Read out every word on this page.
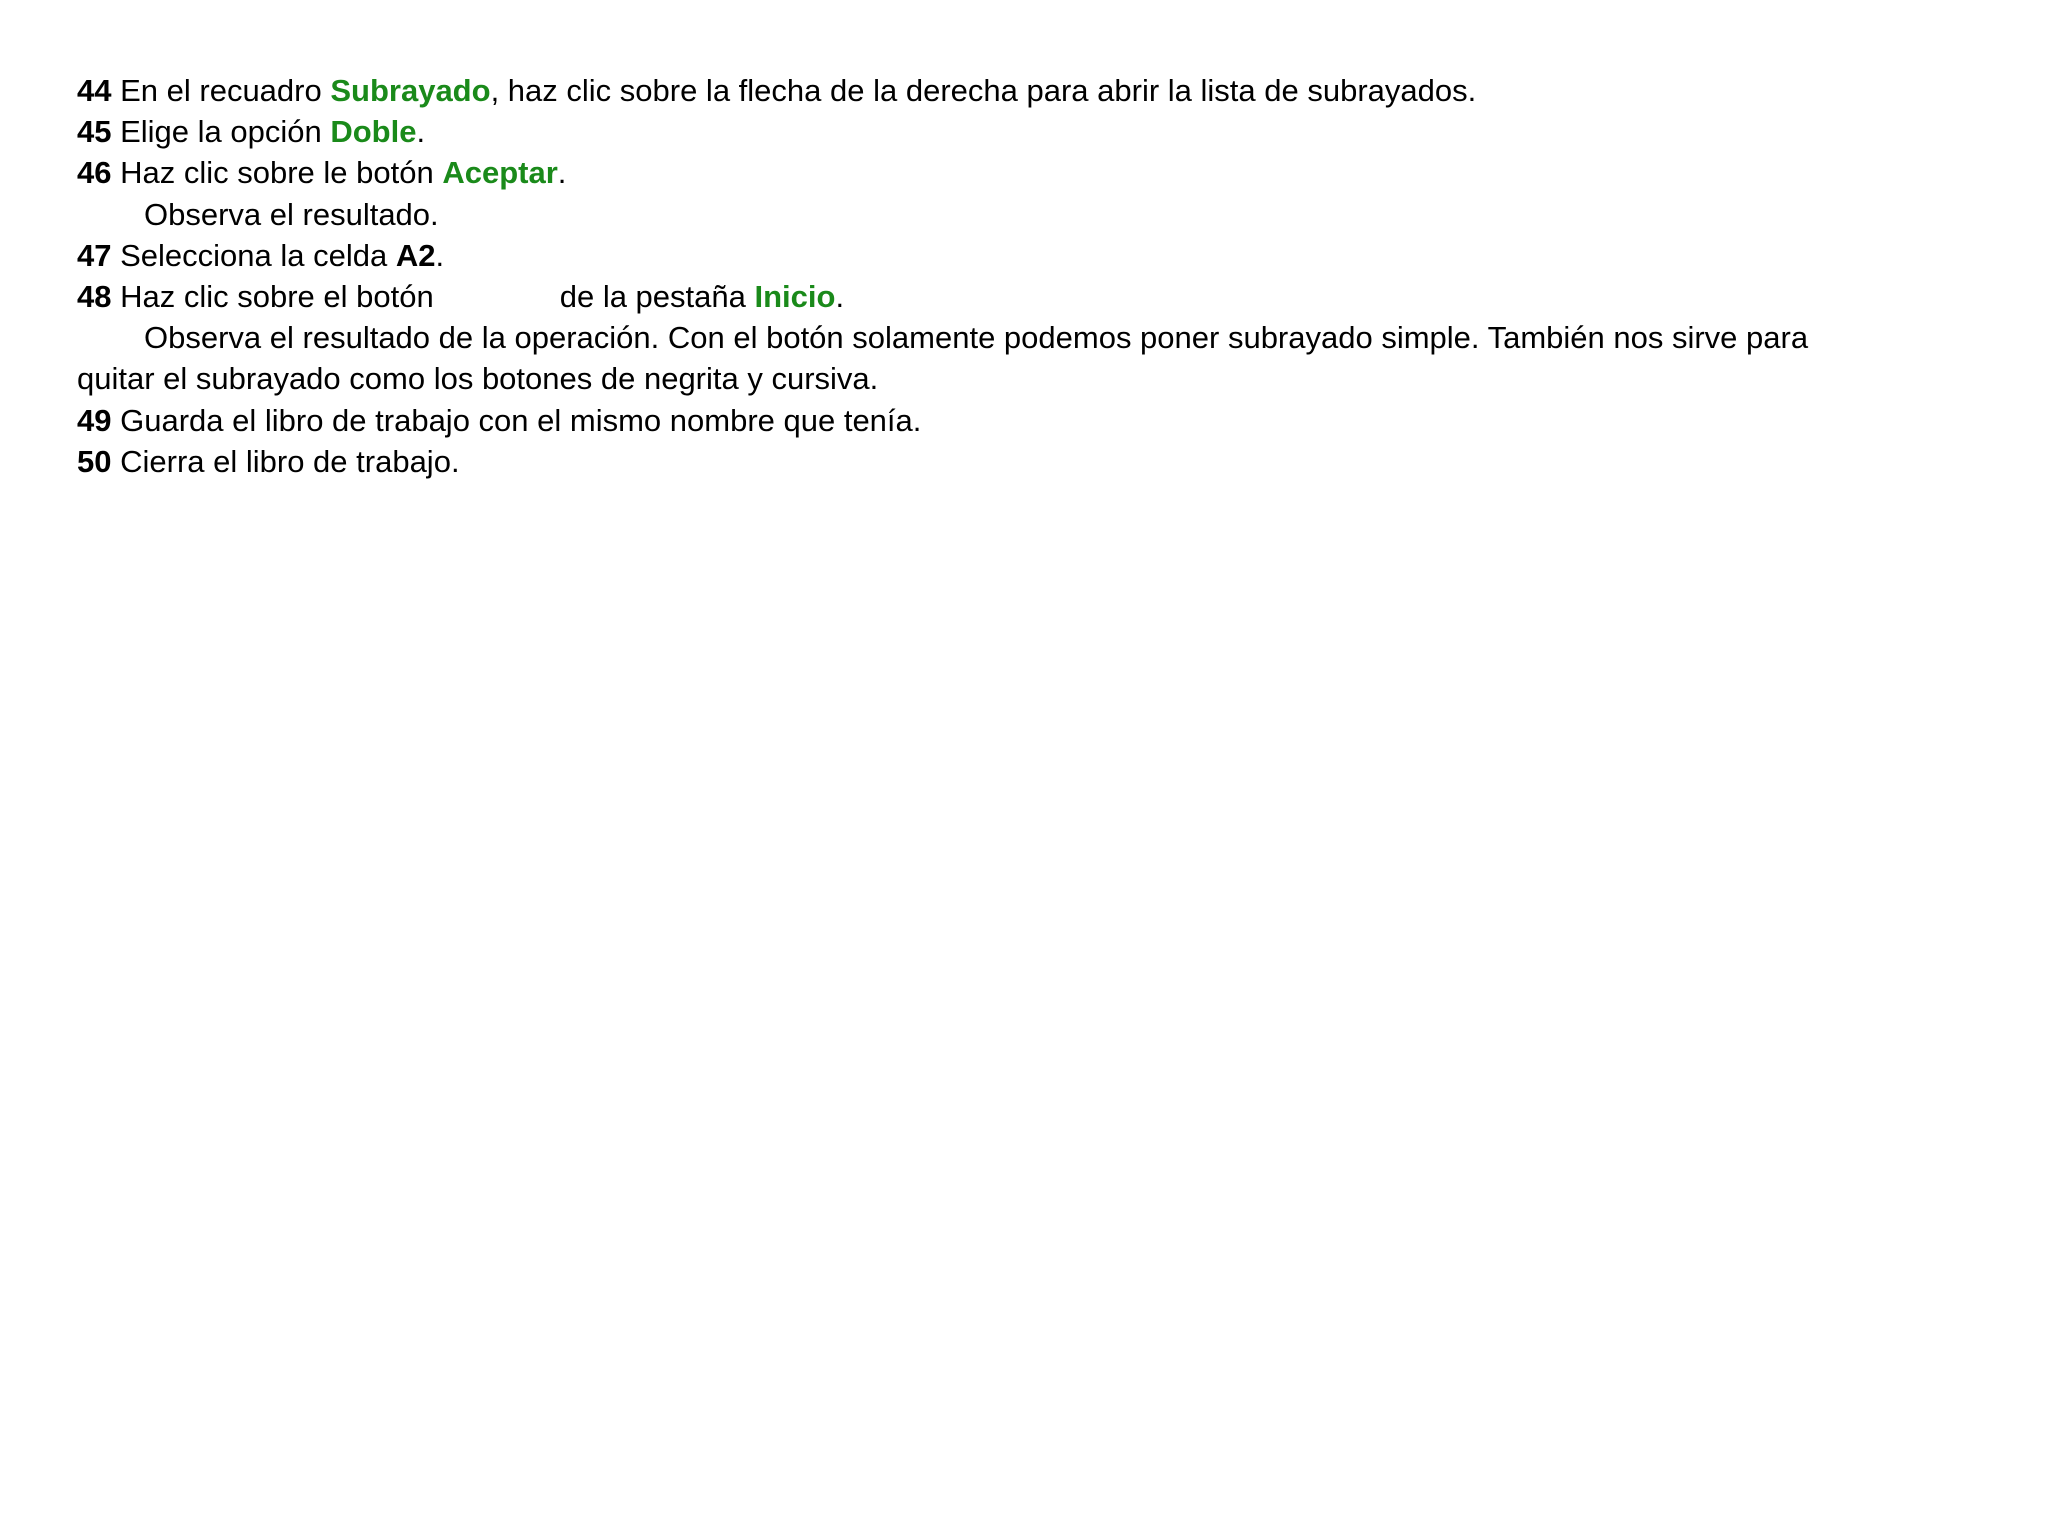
44 En el recuadro Subrayado, haz clic sobre la flecha de la derecha para abrir la lista de subrayados.
45 Elige la opción Doble.
46 Haz clic sobre le botón Aceptar.
Observa el resultado.
47 Selecciona la celda A2.
48 Haz clic sobre el botón	de la pestaña Inicio.
Observa el resultado de la operación. Con el botón solamente podemos poner subrayado simple. También nos sirve para
quitar el subrayado como los botones de negrita y cursiva.
49 Guarda el libro de trabajo con el mismo nombre que tenía.
50 Cierra el libro de trabajo.
